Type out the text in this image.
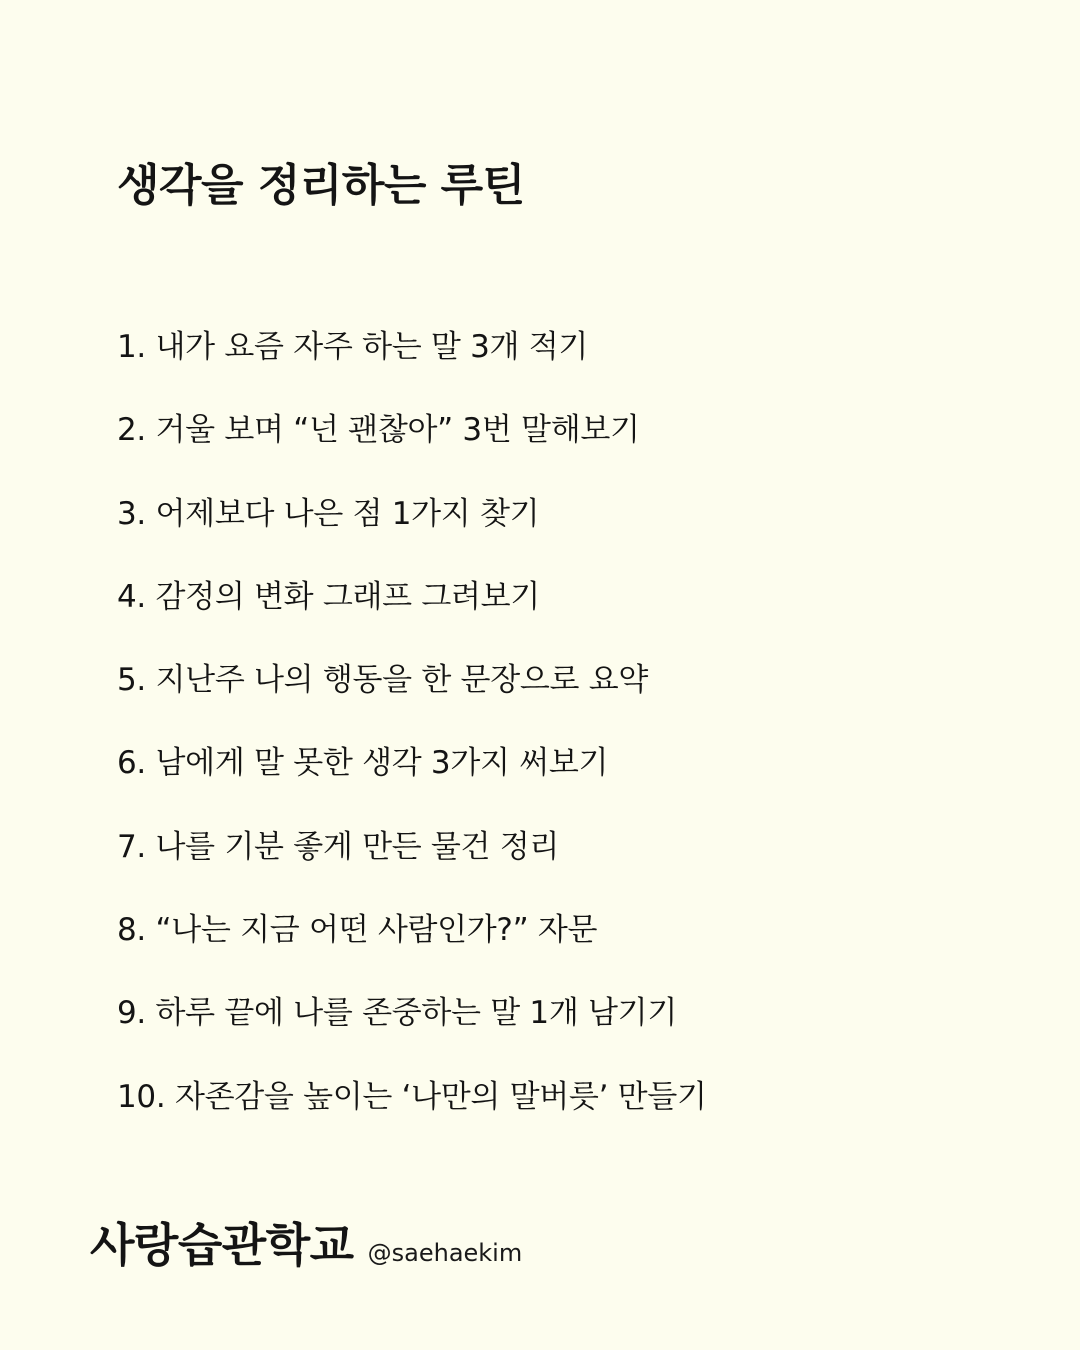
생각을 정리하는 루틴
1. 내가 요즘 자주 하는 말 3개 적기
2. 거울 보며 “넌 괜찮아” 3번 말해보기
3. 어제보다 나은 점 1가지 찾기
4. 감정의 변화 그래프 그려보기
5. 지난주 나의 행동을 한 문장으로 요약
6. 남에게 말 못한 생각 3가지 써보기
7. 나를 기분 좋게 만든 물건 정리
8. “나는 지금 어떤 사람인가?” 자문
9. 하루 끝에 나를 존중하는 말 1개 남기기
10. 자존감을 높이는 ‘나만의 말버릇’ 만들기
사랑습관학교 @saehaekim
